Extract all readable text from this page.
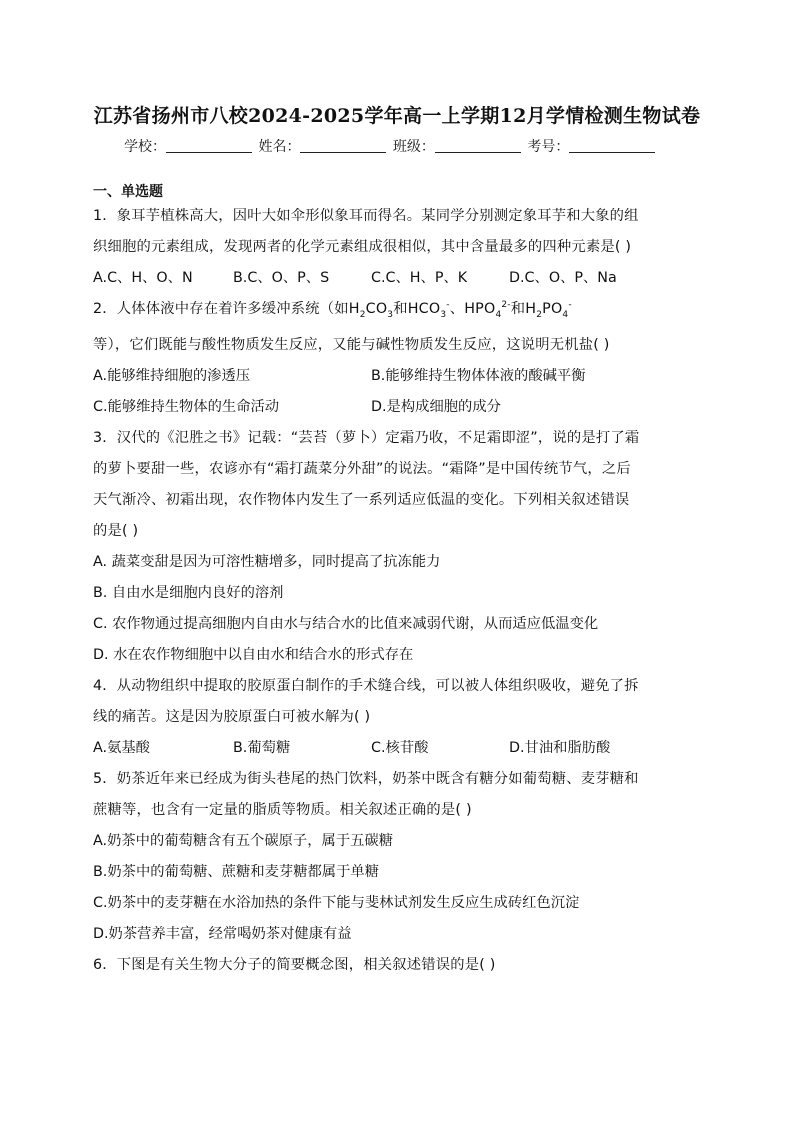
江苏省扬州市八校2024-2025学年高一上学期12月学情检测生物试卷
学校：	姓名：	班级：	考号：
一、单选题
1．象耳芋植株高大，因叶大如伞形似象耳而得名。某同学分别测定象耳芋和大象的组
织细胞的元素组成，发现两者的化学元素组成很相似，其中含量最多的四种元素是( )
A.C、H、O、N	B.C、O、P、S	C.C、H、P、K	D.C、O、P、Na
2．人体体液中存在着许多缓冲系统（如$H_2CO_3$和$HCO_3^-$、$HPO_4^{2-}$和$H_2PO_4^-$
等），它们既能与酸性物质发生反应，又能与碱性物质发生反应，这说明无机盐( )
A.能够维持细胞的渗透压	B.能够维持生物体体液的酸碱平衡
C.能够维持生物体的生命活动	D.是构成细胞的成分
3．汉代的《氾胜之书》记载：“芸苔（萝卜）定霜乃收，不足霜即涩”，说的是打了霜
的萝卜要甜一些，农谚亦有“霜打蔬菜分外甜”的说法。“霜降”是中国传统节气，之后
天气渐冷、初霜出现，农作物体内发生了一系列适应低温的变化。下列相关叙述错误
的是( )
A. 蔬菜变甜是因为可溶性糖增多，同时提高了抗冻能力
B. 自由水是细胞内良好的溶剂
C. 农作物通过提高细胞内自由水与结合水的比值来减弱代谢，从而适应低温变化
D. 水在农作物细胞中以自由水和结合水的形式存在
4．从动物组织中提取的胶原蛋白制作的手术缝合线，可以被人体组织吸收，避免了拆
线的痛苦。这是因为胶原蛋白可被水解为( )
A.氨基酸	B.葡萄糖	C.核苷酸	D.甘油和脂肪酸
5．奶茶近年来已经成为街头巷尾的热门饮料，奶茶中既含有糖分如葡萄糖、麦芽糖和
蔗糖等，也含有一定量的脂质等物质。相关叙述正确的是( )
A.奶茶中的葡萄糖含有五个碳原子，属于五碳糖
B.奶茶中的葡萄糖、蔗糖和麦芽糖都属于单糖
C.奶茶中的麦芽糖在水浴加热的条件下能与斐林试剂发生反应生成砖红色沉淀
D.奶茶营养丰富，经常喝奶茶对健康有益
6．下图是有关生物大分子的简要概念图，相关叙述错误的是( )
